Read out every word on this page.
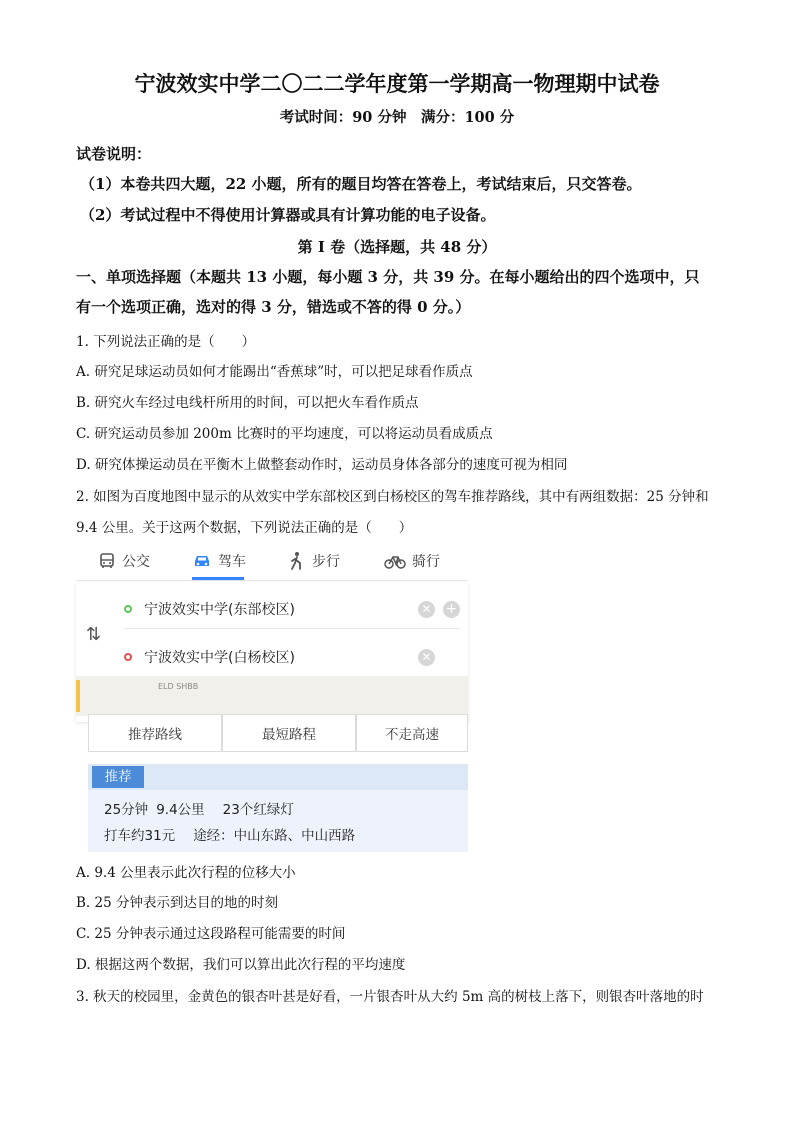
宁波效实中学二〇二二学年度第一学期高一物理期中试卷
考试时间：90 分钟　满分：100 分
试卷说明：
（1）本卷共四大题，22 小题，所有的题目均答在答卷上，考试结束后，只交答卷。
（2）考试过程中不得使用计算器或具有计算功能的电子设备。
第 I 卷（选择题，共 48 分）
一、单项选择题（本题共 13 小题，每小题 3 分，共 39 分。在每小题给出的四个选项中，只
有一个选项正确，选对的得 3 分，错选或不答的得 0 分。）
1. 下列说法正确的是（　　）
A. 研究足球运动员如何才能踢出“香蕉球”时，可以把足球看作质点
B. 研究火车经过电线杆所用的时间，可以把火车看作质点
C. 研究运动员参加 200m 比赛时的平均速度，可以将运动员看成质点
D. 研究体操运动员在平衡木上做整套动作时，运动员身体各部分的速度可视为相同
2. 如图为百度地图中显示的从效实中学东部校区到白杨校区的驾车推荐路线，其中有两组数据：25 分钟和
9.4 公里。关于这两个数据，下列说法正确的是（　　）
公交	驾车	步行	骑行
⇅
宁波效实中学(东部校区)	✕ +
宁波效实中学(白杨校区)	✕
ELD SHBB
推荐路线	最短路程	不走高速
推荐
25分钟 9.4公里 23个红绿灯
打车约31元 途经：中山东路、中山西路
A. 9.4 公里表示此次行程的位移大小
B. 25 分钟表示到达目的地的时刻
C. 25 分钟表示通过这段路程可能需要的时间
D. 根据这两个数据，我们可以算出此次行程的平均速度
3. 秋天的校园里，金黄色的银杏叶甚是好看，一片银杏叶从大约 5m 高的树枝上落下，则银杏叶落地的时
